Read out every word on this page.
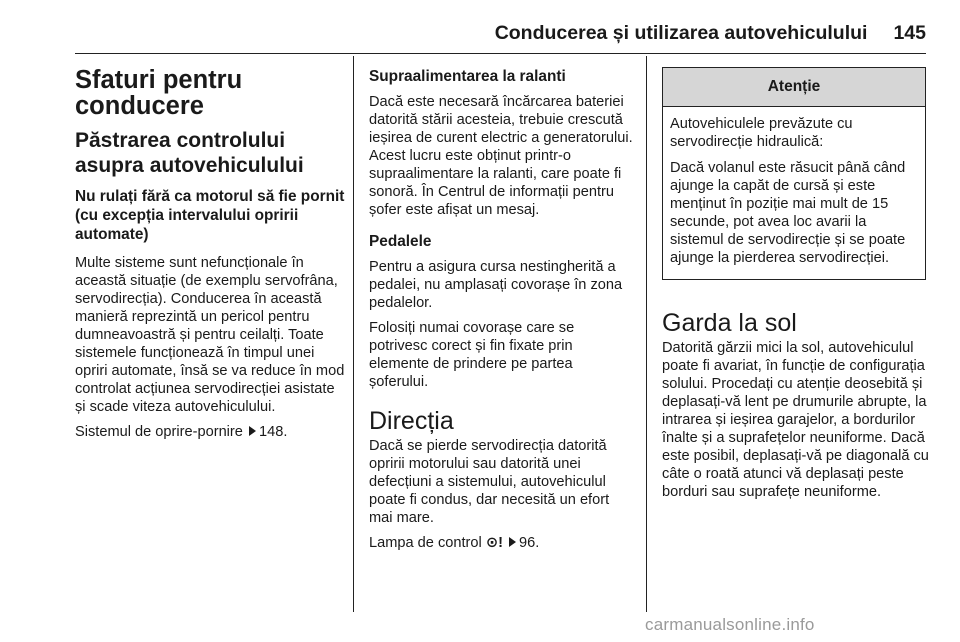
Conducerea și utilizarea autovehiculului 145
Sfaturi pentru conducere
Păstrarea controlului asupra autovehiculului
Nu rulați fără ca motorul să fie pornit (cu excepția intervalului opririi automate)

Multe sisteme sunt nefuncționale în această situație (de exemplu servofrâna, servodirecția). Conducerea în această manieră reprezintă un pericol pentru dumneavoastră și pentru ceilalți. Toate sistemele funcționează în timpul unei opriri automate, însă se va reduce în mod controlat acțiunea servodirecției asistate și scade viteza autovehiculului.

Sistemul de oprire-pornire 148.

Supraalimentarea la ralanti

Dacă este necesară încărcarea bateriei datorită stării acesteia, trebuie crescută ieșirea de curent electric a generatorului. Acest lucru este obținut printr-o supraalimentare la ralanti, care poate fi sonoră. În Centrul de informații pentru șofer este afișat un mesaj.

Pedalele

Pentru a asigura cursa nestingherită a pedalei, nu amplasați covorașe în zona pedalelor.

Folosiți numai covorașe care se potrivesc corect și fin fixate prin elemente de prindere pe partea șoferului.

Direcția

Dacă se pierde servodirecția datorită opririi motorului sau datorită unei defecțiuni a sistemului, autovehiculul poate fi condus, dar necesită un efort mai mare.

Lampa de control ⊙! 96.

Atenție

Autovehiculele prevăzute cu servodirecție hidraulică:

Dacă volanul este răsucit până când ajunge la capăt de cursă și este menținut în poziție mai mult de 15 secunde, pot avea loc avarii la sistemul de servodirecție și se poate ajunge la pierderea servodirecției.

Garda la sol

Datorită gărzii mici la sol, autovehiculul poate fi avariat, în funcție de configurația solului. Procedați cu atenție deosebită și deplasați-vă lent pe drumurile abrupte, la intrarea și ieșirea garajelor, a bordurilor înalte și a suprafețelor neuniforme. Dacă este posibil, deplasați-vă pe diagonală cu câte o roată atunci vă deplasați peste borduri sau suprafețe neuniforme.

carmanualsonline.info
